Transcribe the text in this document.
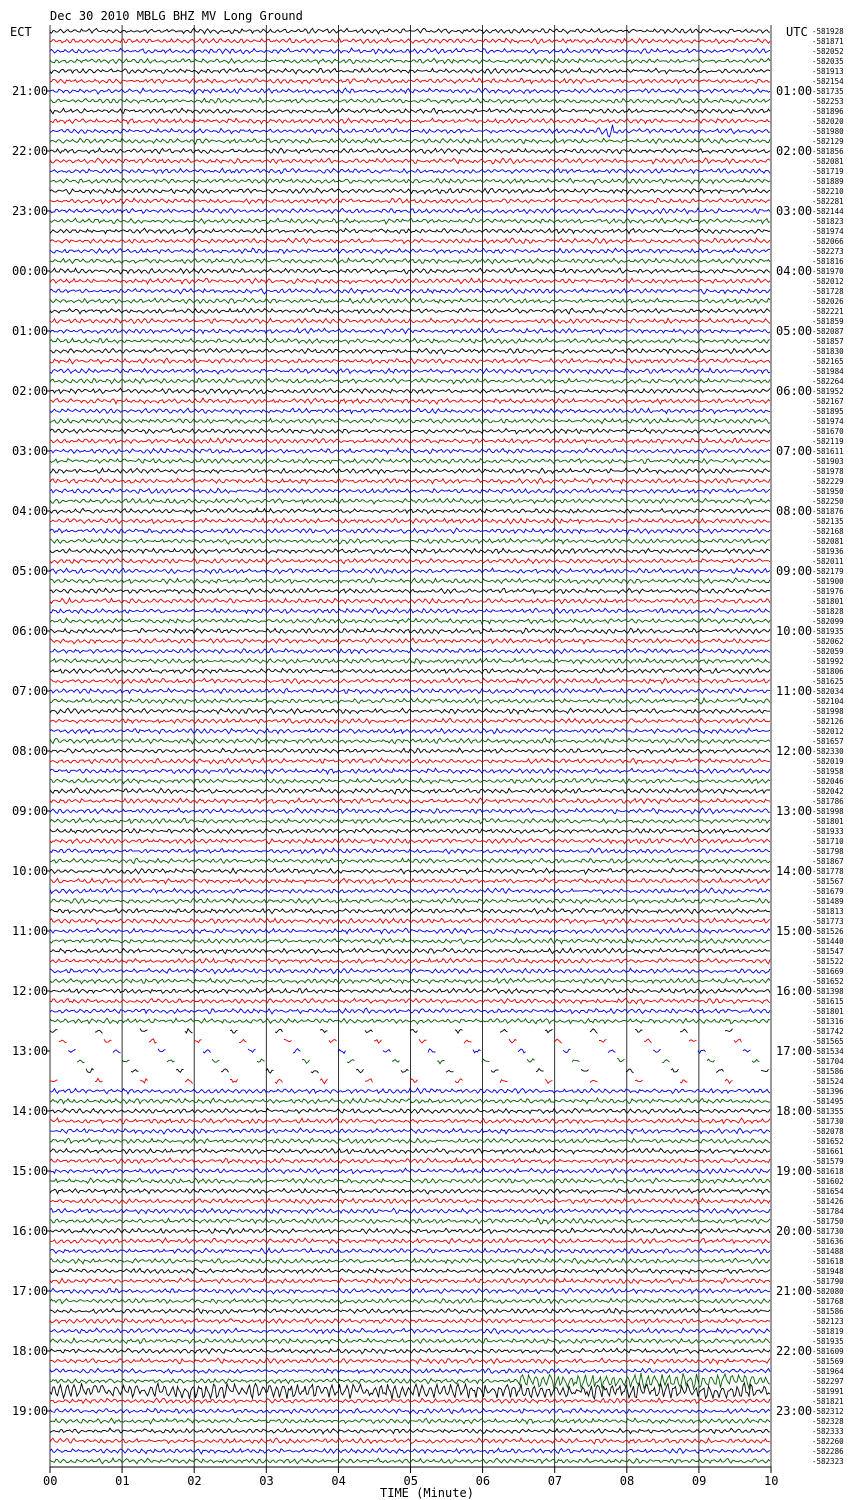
Dec 30 2010 MBLG BHZ MV Long Ground
ECT	UTC
21:00
22:00
23:00
00:00
01:00
02:00
03:00
04:00
05:00
06:00
07:00
08:00
09:00
10:00
11:00
12:00
13:00
14:00
15:00
16:00
17:00
18:00
19:00
01:00
02:00
03:00
04:00
05:00
06:00
07:00
08:00
09:00
10:00
11:00
12:00
13:00
14:00
15:00
16:00
17:00
18:00
19:00
20:00
21:00
22:00
23:00
-581928
-581871
-582052
-582035
-581913
-582154
-581735
-582253
-581896
-582020
-581980
-582129
-581856
-582081
-581719
-581889
-582210
-582281
-582144
-581823
-581974
-582066
-582273
-581816
-581970
-582012
-581728
-582026
-582221
-581859
-582087
-581857
-581830
-582165
-581984
-582264
-581952
-582167
-581895
-581974
-581670
-582119
-581611
-581903
-581978
-582229
-581950
-582250
-581876
-582135
-582168
-582081
-581936
-582011
-582179
-581900
-581976
-581801
-581828
-582099
-581935
-582062
-582059
-581992
-581806
-581625
-582034
-582104
-581998
-582126
-582012
-581657
-582330
-582019
-581958
-582046
-582042
-581786
-581998
-581801
-581933
-581710
-581798
-581867
-581778
-581567
-581679
-581489
-581813
-581773
-581526
-581440
-581547
-581522
-581669
-581652
-581398
-581615
-581801
-581316
-581742
-581565
-581534
-581704
-581586
-581524
-581396
-581495
-581355
-581730
-582078
-581652
-581661
-581579
-581618
-581602
-581654
-581426
-581784
-581750
-581730
-581636
-581488
-581618
-581948
-581790
-582080
-581768
-581586
-582123
-581819
-581935
-581609
-581569
-581964
-582297
-581991
-581821
-582312
-582328
-582333
-582260
-582286
-582323
00	01	02	03	04	05	06	07	08	09	10
TIME (Minute)
